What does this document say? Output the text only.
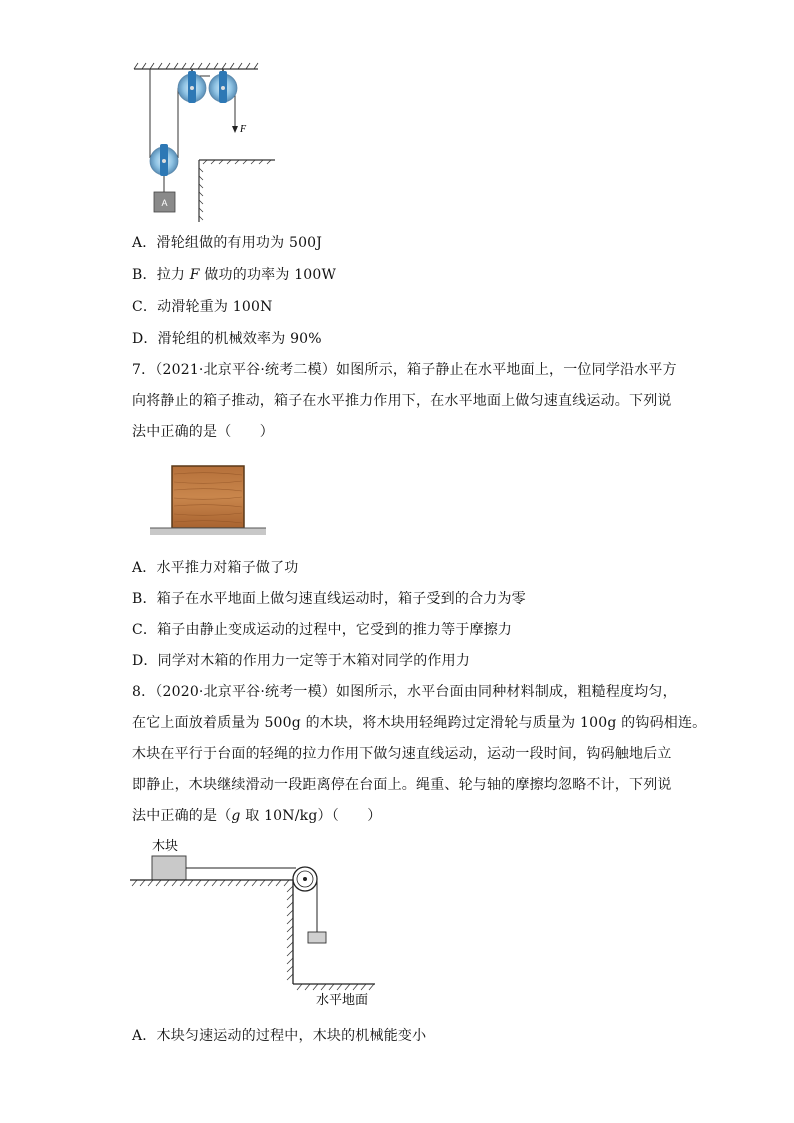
F
A
A．滑轮组做的有用功为 500J
B．拉力 F 做功的功率为 100W
C．动滑轮重为 100N
D．滑轮组的机械效率为 90%
7．（2021·北京平谷·统考二模）如图所示，箱子静止在水平地面上，一位同学沿水平方
向将静止的箱子推动，箱子在水平推力作用下，在水平地面上做匀速直线运动。下列说
法中正确的是（　　）
A．水平推力对箱子做了功
B．箱子在水平地面上做匀速直线运动时，箱子受到的合力为零
C．箱子由静止变成运动的过程中，它受到的推力等于摩擦力
D．同学对木箱的作用力一定等于木箱对同学的作用力
8．（2020·北京平谷·统考一模）如图所示，水平台面由同种材料制成，粗糙程度均匀，
在它上面放着质量为 500g 的木块，将木块用轻绳跨过定滑轮与质量为 100g 的钩码相连。
木块在平行于台面的轻绳的拉力作用下做匀速直线运动，运动一段时间，钩码触地后立
即静止，木块继续滑动一段距离停在台面上。绳重、轮与轴的摩擦均忽略不计，下列说
法中正确的是（g 取 10N/kg）（　　）
木块
水平地面
A．木块匀速运动的过程中，木块的机械能变小
